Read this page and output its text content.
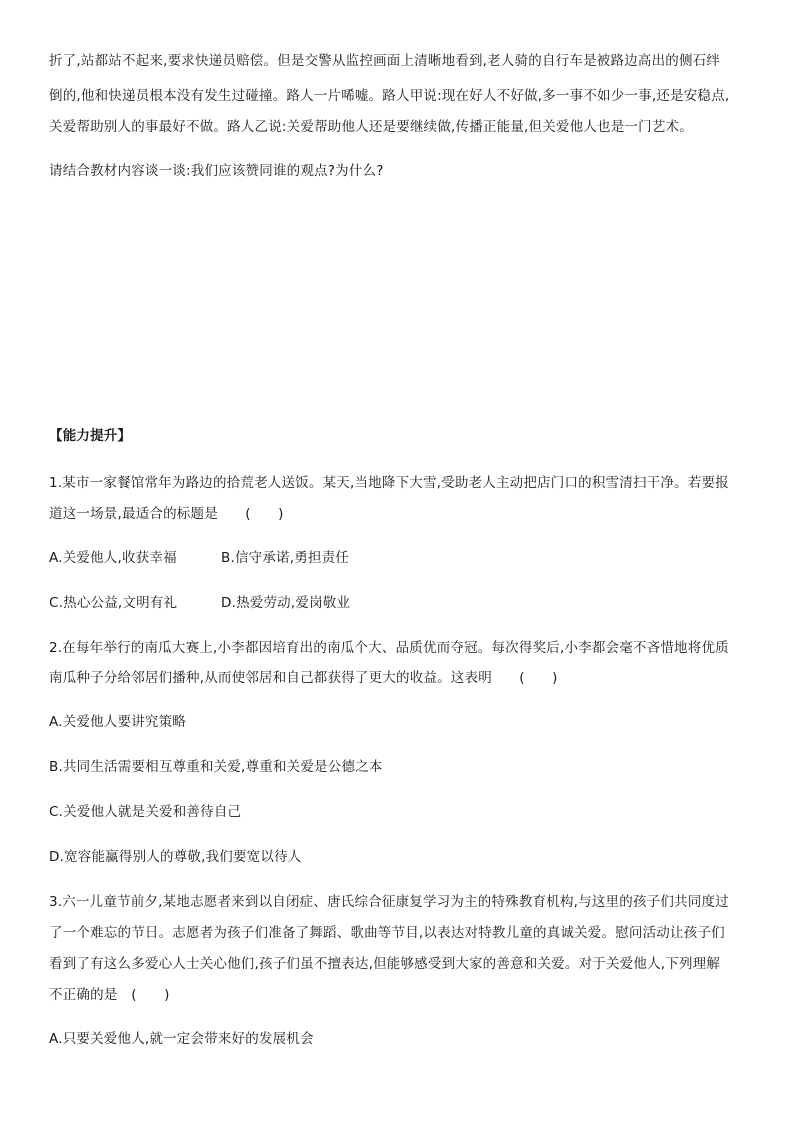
折了,站都站不起来,要求快递员赔偿。但是交警从监控画面上清晰地看到,老人骑的自行车是被路边高出的侧石绊
倒的,他和快递员根本没有发生过碰撞。路人一片唏嘘。路人甲说:现在好人不好做,多一事不如少一事,还是安稳点,
关爱帮助别人的事最好不做。路人乙说:关爱帮助他人还是要继续做,传播正能量,但关爱他人也是一门艺术。
请结合教材内容谈一谈:我们应该赞同谁的观点?为什么?
【能力提升】
1.某市一家餐馆常年为路边的拾荒老人送饭。某天,当地降下大雪,受助老人主动把店门口的积雪清扫干净。若要报
道这一场景,最适合的标题是　　(　　)
A.关爱他人,收获幸福	B.信守承诺,勇担责任
C.热心公益,文明有礼	D.热爱劳动,爱岗敬业
2.在每年举行的南瓜大赛上,小李都因培育出的南瓜个大、品质优而夺冠。每次得奖后,小李都会毫不吝惜地将优质
南瓜种子分给邻居们播种,从而使邻居和自己都获得了更大的收益。这表明　　(　　)
A.关爱他人要讲究策略
B.共同生活需要相互尊重和关爱,尊重和关爱是公德之本
C.关爱他人就是关爱和善待自己
D.宽容能赢得别人的尊敬,我们要宽以待人
3.六一儿童节前夕,某地志愿者来到以自闭症、唐氏综合征康复学习为主的特殊教育机构,与这里的孩子们共同度过
了一个难忘的节日。志愿者为孩子们准备了舞蹈、歌曲等节目,以表达对特教儿童的真诚关爱。慰问活动让孩子们
看到了有这么多爱心人士关心他们,孩子们虽不擅表达,但能够感受到大家的善意和关爱。对于关爱他人,下列理解
不正确的是　(　　)
A.只要关爱他人,就一定会带来好的发展机会
